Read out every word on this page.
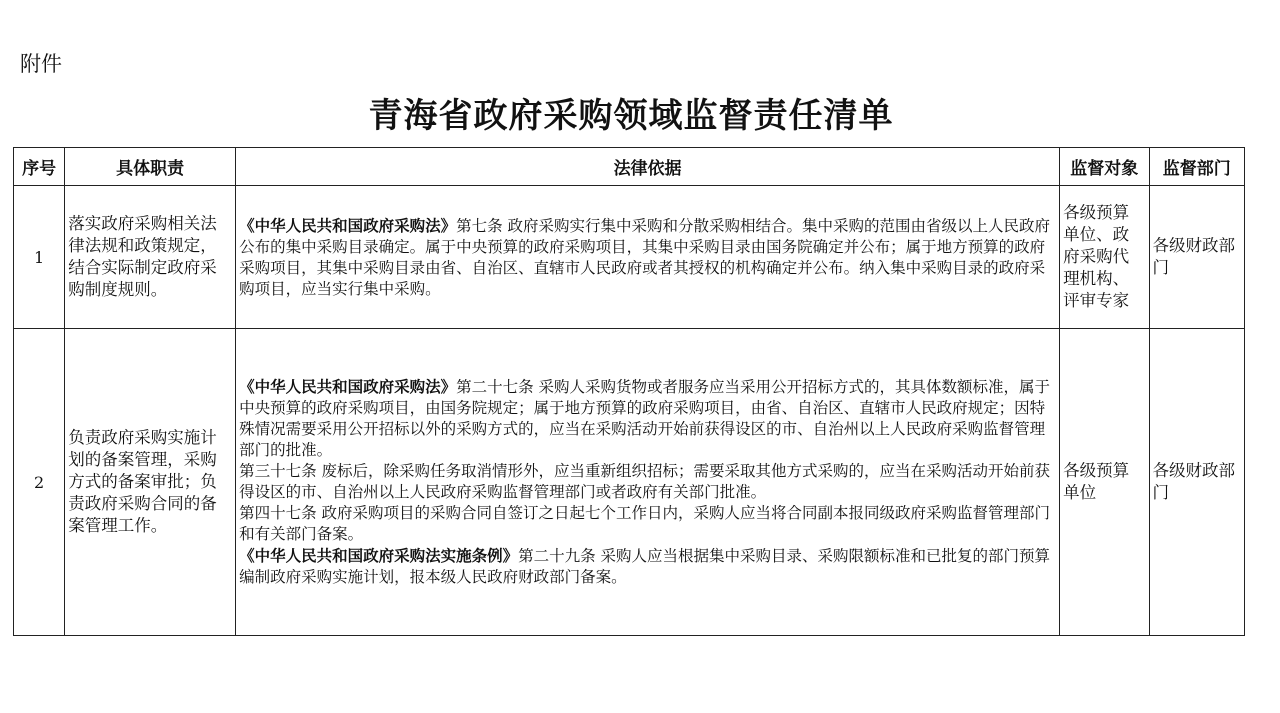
附件
青海省政府采购领域监督责任清单
序号	具体职责	法律依据	监督对象	监督部门
1	落实政府采购相关法律法规和政策规定，结合实际制定政府采购制度规则。	《中华人民共和国政府采购法》第七条 政府采购实行集中采购和分散采购相结合。集中采购的范围由省级以上人民政府公布的集中采购目录确定。属于中央预算的政府采购项目，其集中采购目录由国务院确定并公布；属于地方预算的政府采购项目，其集中采购目录由省、自治区、直辖市人民政府或者其授权的机构确定并公布。纳入集中采购目录的政府采购项目，应当实行集中采购。	各级预算单位、政府采购代理机构、评审专家	各级财政部门
2	负责政府采购实施计划的备案管理，采购方式的备案审批；负责政府采购合同的备案管理工作。	《中华人民共和国政府采购法》第二十七条 采购人采购货物或者服务应当采用公开招标方式的，其具体数额标准，属于中央预算的政府采购项目，由国务院规定；属于地方预算的政府采购项目，由省、自治区、直辖市人民政府规定；因特殊情况需要采用公开招标以外的采购方式的，应当在采购活动开始前获得设区的市、自治州以上人民政府采购监督管理部门的批准。

第三十七条 废标后，除采购任务取消情形外，应当重新组织招标；需要采取其他方式采购的，应当在采购活动开始前获得设区的市、自治州以上人民政府采购监督管理部门或者政府有关部门批准。

第四十七条 政府采购项目的采购合同自签订之日起七个工作日内，采购人应当将合同副本报同级政府采购监督管理部门和有关部门备案。

《中华人民共和国政府采购法实施条例》第二十九条 采购人应当根据集中采购目录、采购限额标准和已批复的部门预算编制政府采购实施计划，报本级人民政府财政部门备案。	各级预算单位	各级财政部门
